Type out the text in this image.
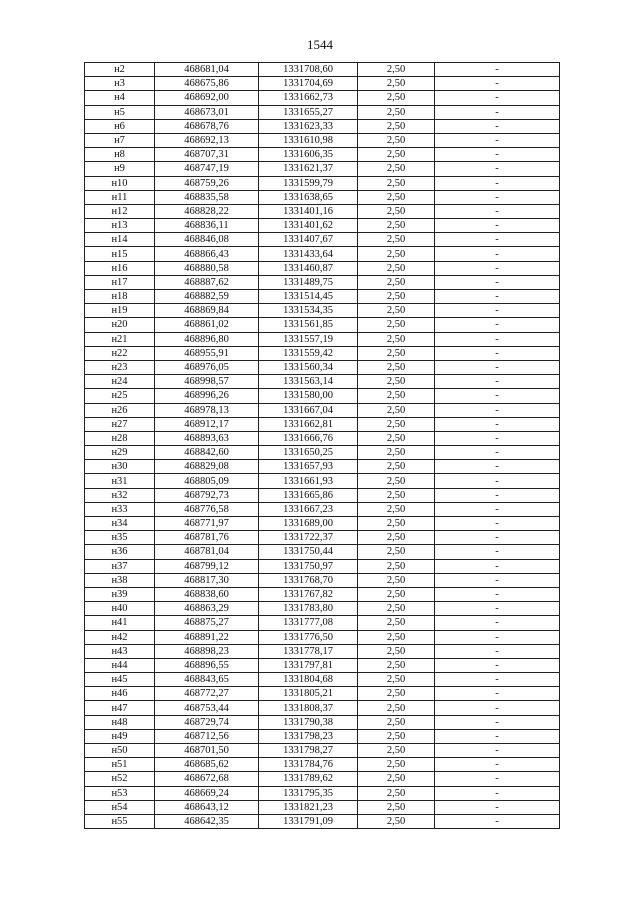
1544
н2	468681,04	1331708,60	2,50	-
н3	468675,86	1331704,69	2,50	-
н4	468692,00	1331662,73	2,50	-
н5	468673,01	1331655,27	2,50	-
н6	468678,76	1331623,33	2,50	-
н7	468692,13	1331610,98	2,50	-
н8	468707,31	1331606,35	2,50	-
н9	468747,19	1331621,37	2,50	-
н10	468759,26	1331599,79	2,50	-
н11	468835,58	1331638,65	2,50	-
н12	468828,22	1331401,16	2,50	-
н13	468836,11	1331401,62	2,50	-
н14	468846,08	1331407,67	2,50	-
н15	468866,43	1331433,64	2,50	-
н16	468880,58	1331460,87	2,50	-
н17	468887,62	1331489,75	2,50	-
н18	468882,59	1331514,45	2,50	-
н19	468869,84	1331534,35	2,50	-
н20	468861,02	1331561,85	2,50	-
н21	468896,80	1331557,19	2,50	-
н22	468955,91	1331559,42	2,50	-
н23	468976,05	1331560,34	2,50	-
н24	468998,57	1331563,14	2,50	-
н25	468996,26	1331580,00	2,50	-
н26	468978,13	1331667,04	2,50	-
н27	468912,17	1331662,81	2,50	-
н28	468893,63	1331666,76	2,50	-
н29	468842,60	1331650,25	2,50	-
н30	468829,08	1331657,93	2,50	-
н31	468805,09	1331661,93	2,50	-
н32	468792,73	1331665,86	2,50	-
н33	468776,58	1331667,23	2,50	-
н34	468771,97	1331689,00	2,50	-
н35	468781,76	1331722,37	2,50	-
н36	468781,04	1331750,44	2,50	-
н37	468799,12	1331750,97	2,50	-
н38	468817,30	1331768,70	2,50	-
н39	468838,60	1331767,82	2,50	-
н40	468863,29	1331783,80	2,50	-
н41	468875,27	1331777,08	2,50	-
н42	468891,22	1331776,50	2,50	-
н43	468898,23	1331778,17	2,50	-
н44	468896,55	1331797,81	2,50	-
н45	468843,65	1331804,68	2,50	-
н46	468772,27	1331805,21	2,50	-
н47	468753,44	1331808,37	2,50	-
н48	468729,74	1331790,38	2,50	-
н49	468712,56	1331798,23	2,50	-
н50	468701,50	1331798,27	2,50	-
н51	468685,62	1331784,76	2,50	-
н52	468672,68	1331789,62	2,50	-
н53	468669,24	1331795,35	2,50	-
н54	468643,12	1331821,23	2,50	-
н55	468642,35	1331791,09	2,50	-
